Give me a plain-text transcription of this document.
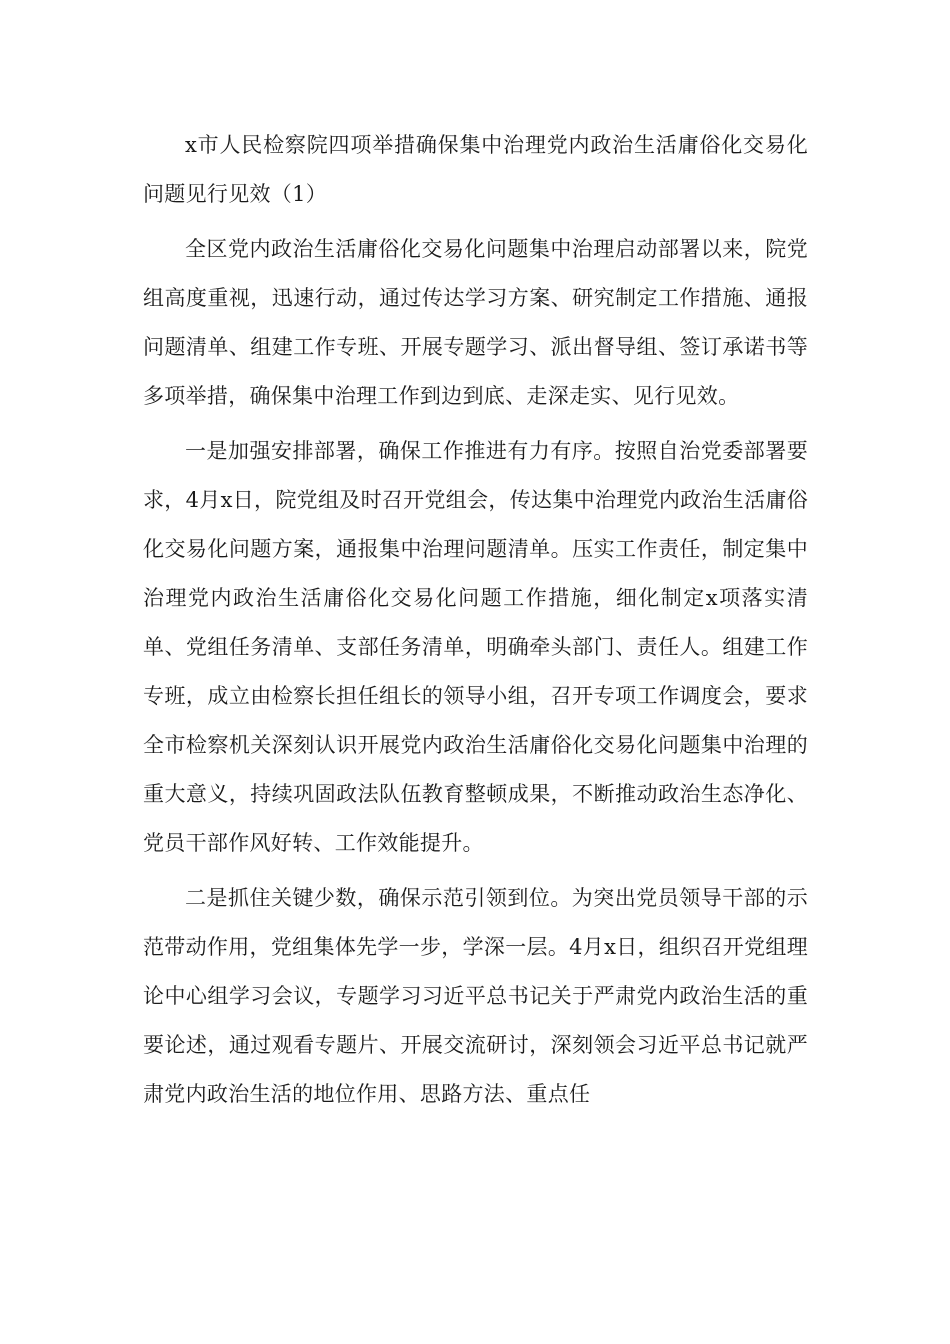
x市人民检察院四项举措确保集中治理党内政治生活庸俗化交易化问题见行见效（1）

全区党内政治生活庸俗化交易化问题集中治理启动部署以来，院党组高度重视，迅速行动，通过传达学习方案、研究制定工作措施、通报问题清单、组建工作专班、开展专题学习、派出督导组、签订承诺书等多项举措，确保集中治理工作到边到底、走深走实、见行见效。

一是加强安排部署，确保工作推进有力有序。按照自治党委部署要求，4月x日，院党组及时召开党组会，传达集中治理党内政治生活庸俗化交易化问题方案，通报集中治理问题清单。压实工作责任，制定集中治理党内政治生活庸俗化交易化问题工作措施，细化制定x项落实清单、党组任务清单、支部任务清单，明确牵头部门、责任人。组建工作专班，成立由检察长担任组长的领导小组，召开专项工作调度会，要求全市检察机关深刻认识开展党内政治生活庸俗化交易化问题集中治理的重大意义，持续巩固政法队伍教育整顿成果，不断推动政治生态净化、党员干部作风好转、工作效能提升。

二是抓住关键少数，确保示范引领到位。为突出党员领导干部的示范带动作用，党组集体先学一步，学深一层。4月x日，组织召开党组理论中心组学习会议，专题学习习近平总书记关于严肃党内政治生活的重要论述，通过观看专题片、开展交流研讨，深刻领会习近平总书记就严肃党内政治生活的地位作用、思路方法、重点任
